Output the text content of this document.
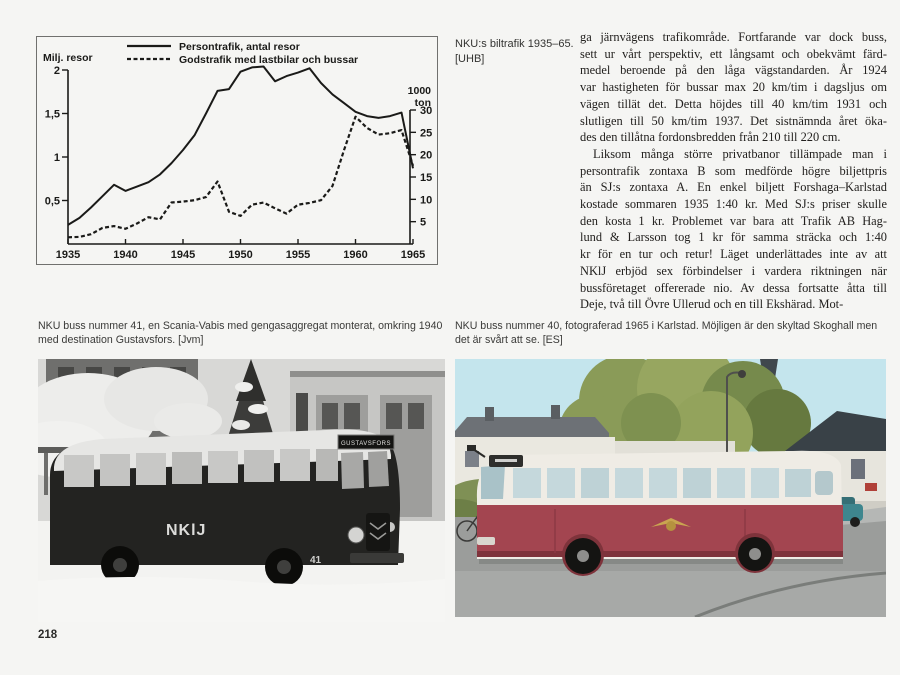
2
1,5
1
0,5
Milj. resor
30
25
20
15
10
5
1000
ton
1935	1940	1945	1950	1955	1960	1965
Persontrafik, antal resor
Godstrafik med lastbilar och bussar
NKU:s biltrafik 1935–65.
[UHB]
ga järnvägens trafikområde. Fortfarande var dock buss,
sett ur vårt perspektiv, ett långsamt och obekvämt färd-
medel beroende på den låga vägstandarden. År 1924
var hastigheten för bussar max 20 km/tim i dagsljus om
vägen tillät det. Detta höjdes till 40 km/tim 1931 och
slutligen till 50 km/tim 1937. Det sistnämnda året öka-
des den tillåtna fordonsbredden från 210 till 220 cm.
Liksom många större privatbanor tillämpade man i
persontrafik zontaxa B som medförde högre biljettpris
än SJ:s zontaxa A. En enkel biljett Forshaga–Karlstad
kostade sommaren 1935 1:40 kr. Med SJ:s priser skulle
den kosta 1 kr. Problemet var bara att Trafik AB Hag-
lund & Larsson tog 1 kr för samma sträcka och 1:40
kr för en tur och retur! Läget underlättades inte av att
NKlJ erbjöd sex förbindelser i vardera riktningen när
bussföretaget offererade nio. Av dessa fortsatte åtta till
Deje, två till Övre Ullerud och en till Ekshärad. Mot-
NKU buss nummer 41, en Scania-Vabis med gengasaggregat monterat, omkring 1940 med destination Gustavsfors. [Jvm]
NKU buss nummer 40, fotograferad 1965 i Karlstad. Möjligen är den skyltad Skoghall men det är svårt att se. [ES]
GUSTAVSFORS
NKlJ
41
218
